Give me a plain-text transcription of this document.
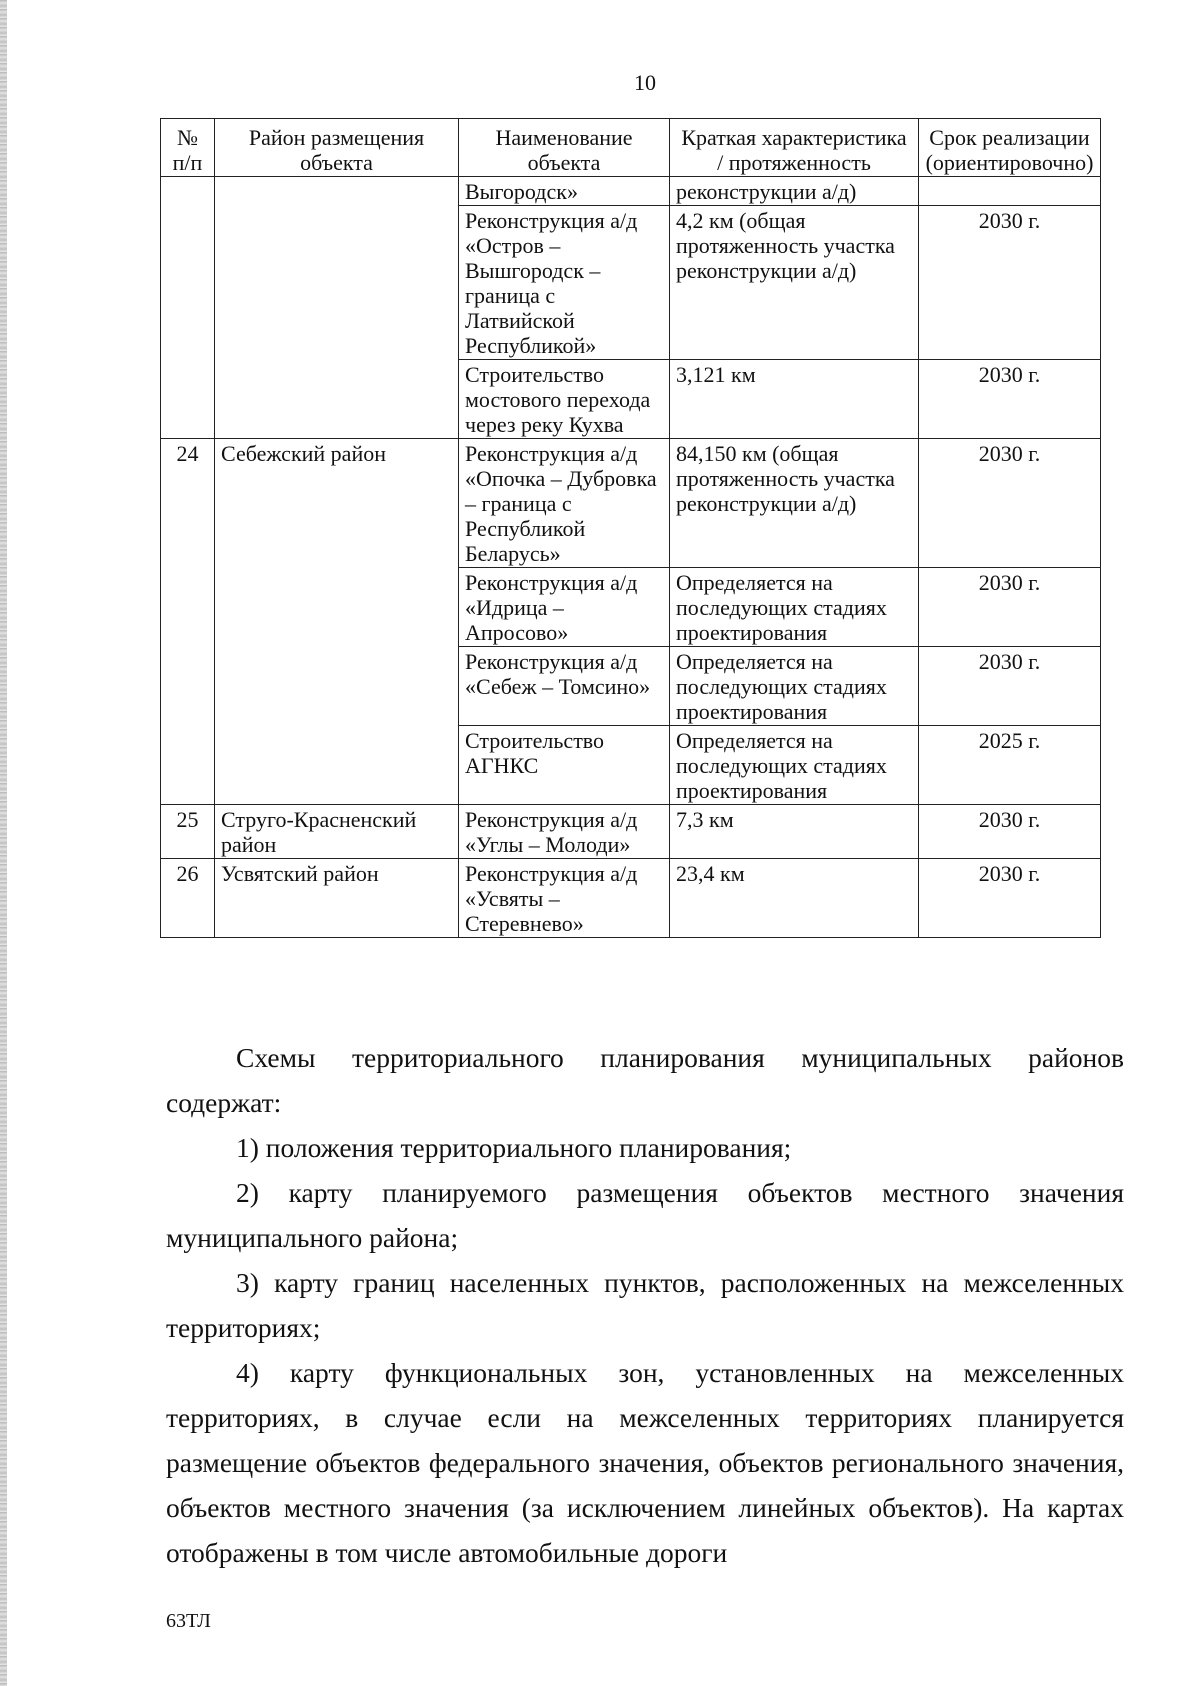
10
№ п/п	Район размещения объекта	Наименование объекта	Краткая характеристика / протяженность	Срок реализации (ориентировочно)
		Выгородск»	реконструкции а/д)	
		Реконструкция а/д «Остров – Вышгородск – граница с Латвийской Республикой»	4,2 км (общая протяженность участка реконструкции а/д)	2030 г.
		Строительство мостового перехода через реку Кухва	3,121 км	2030 г.
24	Себежский район	Реконструкция а/д «Опочка – Дубровка – граница с Республикой Беларусь»	84,150 км (общая протяженность участка реконструкции а/д)	2030 г.
		Реконструкция а/д «Идрица – Апросово»	Определяется на последующих стадиях проектирования	2030 г.
		Реконструкция а/д «Себеж – Томсино»	Определяется на последующих стадиях проектирования	2030 г.
		Строительство АГНКС	Определяется на последующих стадиях проектирования	2025 г.
25	Струго-Красненский район	Реконструкция а/д «Углы – Молоди»	7,3 км	2030 г.
26	Усвятский район	Реконструкция а/д «Усвяты – Стеревнево»	23,4 км	2030 г.

Схемы территориального планирования муниципальных районов содержат:

1) положения территориального планирования;

2) карту планируемого размещения объектов местного значения муниципального района;

3) карту границ населенных пунктов, расположенных на межселенных территориях;

4) карту функциональных зон, установленных на межселенных территориях, в случае если на межселенных территориях планируется размещение объектов федерального значения, объектов регионального значения, объектов местного значения (за исключением линейных объектов). На картах отображены в том числе автомобильные дороги

63ТЛ
